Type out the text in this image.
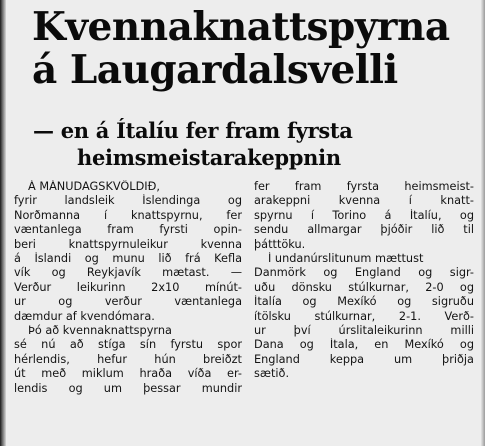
Kvennaknattspyrna
á Laugardalsvelli
— en á Ítalíu fer fram fyrsta
heimsmeistarakeppnin
Á MÁNUDAGSKVÖLDIÐ,
fyrir landsleik Íslendinga og
Norðmanna í knattspyrnu, fer
væntanlega fram fyrsti opin-
beri knattspyrnuleikur kvenna
á Íslandi og munu lið frá Kefla
vík og Reykjavík mætast. —
Verður leikurinn 2x10 mínút-
ur og verður væntanlega
dæmdur af kvendómara.
Þó að kvennaknattspyrna
sé nú að stíga sín fyrstu spor
hérlendis, hefur hún breiðzt
út með miklum hraða víða er-
lendis og um þessar mundir
fer fram fyrsta heimsmeist-
arakeppni kvenna í knatt-
spyrnu í Torino á Ítalíu, og
sendu allmargar þjóðir lið til
þátttöku.
Í undanúrslitunum mættust
Danmörk og England og sigr-
uðu dönsku stúlkurnar, 2-0 og
Ítalía og Mexíkó og sigruðu
ítölsku stúlkurnar, 2-1. Verð-
ur því úrslitaleikurinn milli
Dana og Ítala, en Mexíkó og
England keppa um þriðja
sætið.
